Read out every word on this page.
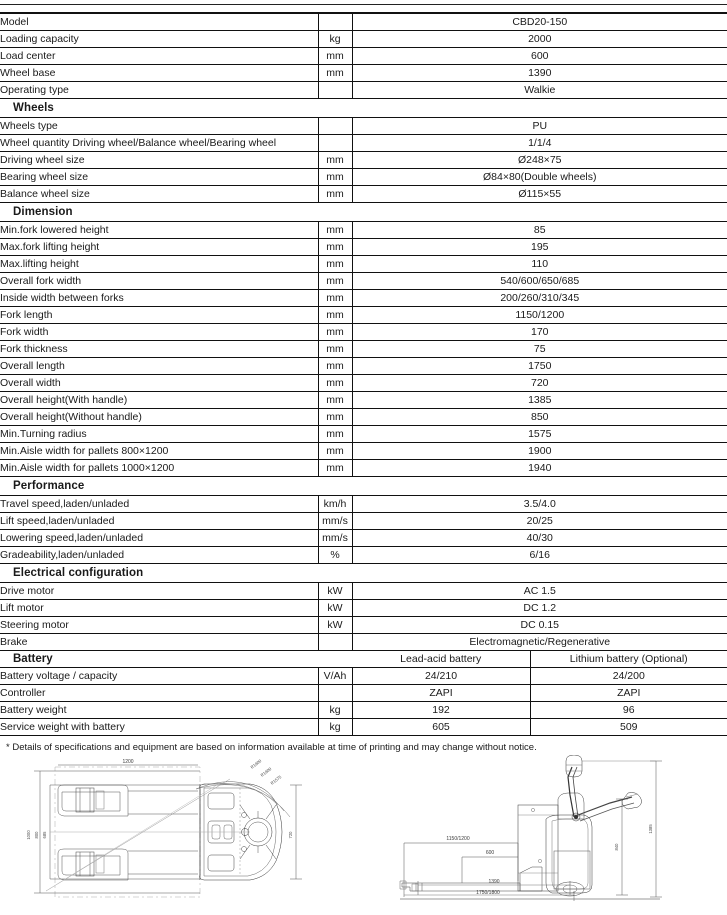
Model		CBD20-150	
Loading capacity	kg	2000	
Load center	mm	600	
Wheel base	mm	1390	
Operating type		Walkie	
Wheels			
Wheels type		PU	
Wheel quantity Driving wheel/Balance wheel/Bearing wheel		1/1/4	
Driving wheel size	mm	Ø248×75	
Bearing wheel size	mm	Ø84×80(Double wheels)	
Balance wheel size	mm	Ø115×55	
Dimension			
Min.fork lowered height	mm	85	
Max.fork lifting height	mm	195	
Max.lifting height	mm	110	
Overall fork width	mm	540/600/650/685	
Inside width between forks	mm	200/260/310/345	
Fork length	mm	1150/1200	
Fork width	mm	170	
Fork thickness	mm	75	
Overall length	mm	1750	
Overall width	mm	720	
Overall height(With handle)	mm	1385	
Overall height(Without handle)	mm	850	
Min.Turning radius	mm	1575	
Min.Aisle width for pallets 800×1200	mm	1900	
Min.Aisle width for pallets 1000×1200	mm	1940	
Performance			
Travel speed,laden/unladed	km/h	3.5/4.0	
Lift speed,laden/unladed	mm/s	20/25	
Lowering speed,laden/unladed	mm/s	40/30	
Gradeability,laden/unladed	%	6/16	
Electrical configuration			
Drive motor	kW	AC 1.5	
Lift motor	kW	DC 1.2	
Steering motor	kW	DC 0.15	
Brake		Electromagnetic/Regenerative	
Battery		Lead-acid battery	Lithium battery (Optional)
Battery voltage / capacity	V/Ah	24/210	24/200
Controller		ZAPI	ZAPI
Battery weight	kg	192	96
Service weight with battery	kg	605	509
* Details of specifications and equipment are based on information available at time of printing and may change without notice.
1200
1000 800 685	720
R1900
R1900
R1575
1150/1200
600
1390
1750/1800
840
1385
